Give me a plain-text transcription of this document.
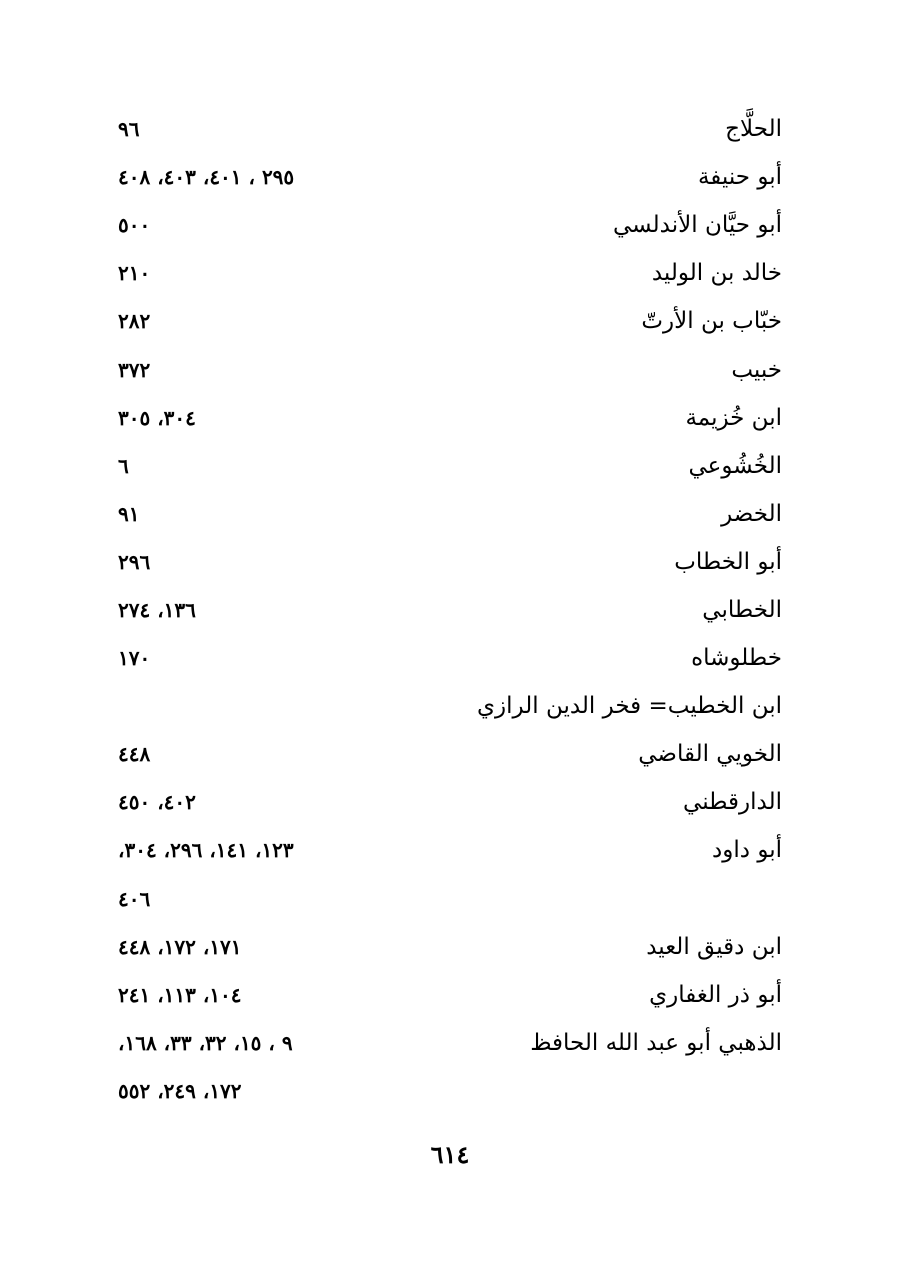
الحلَّاج
٩٦
أبو حنيفة
٢٩٥ ، ٤٠١، ٤٠٣، ٤٠٨
أبو حيَّان الأندلسي
٥٠٠
خالد بن الوليد
٢١٠
خبّاب بن الأرتّ
٢٨٢
خبيب
٣٧٢
ابن خُزيمة
٣٠٤، ٣٠٥
الخُشُوعي
٦
الخضر
٩١
أبو الخطاب
٢٩٦
الخطابي
١٣٦، ٢٧٤
خطلوشاه
١٧٠
ابن الخطيب= فخر الدين الرازي
الخويي القاضي
٤٤٨
الدارقطني
٤٠٢، ٤٥٠
أبو داود
١٢٣، ١٤١، ٢٩٦، ٣٠٤،
٤٠٦
ابن دقيق العيد
١٧١، ١٧٢، ٤٤٨
أبو ذر الغفاري
١٠٤، ١١٣، ٢٤١
الذهبي أبو عبد الله الحافظ
٩ ، ١٥، ٣٢، ٣٣، ١٦٨،
١٧٢، ٢٤٩، ٥٥٢
٦١٤
